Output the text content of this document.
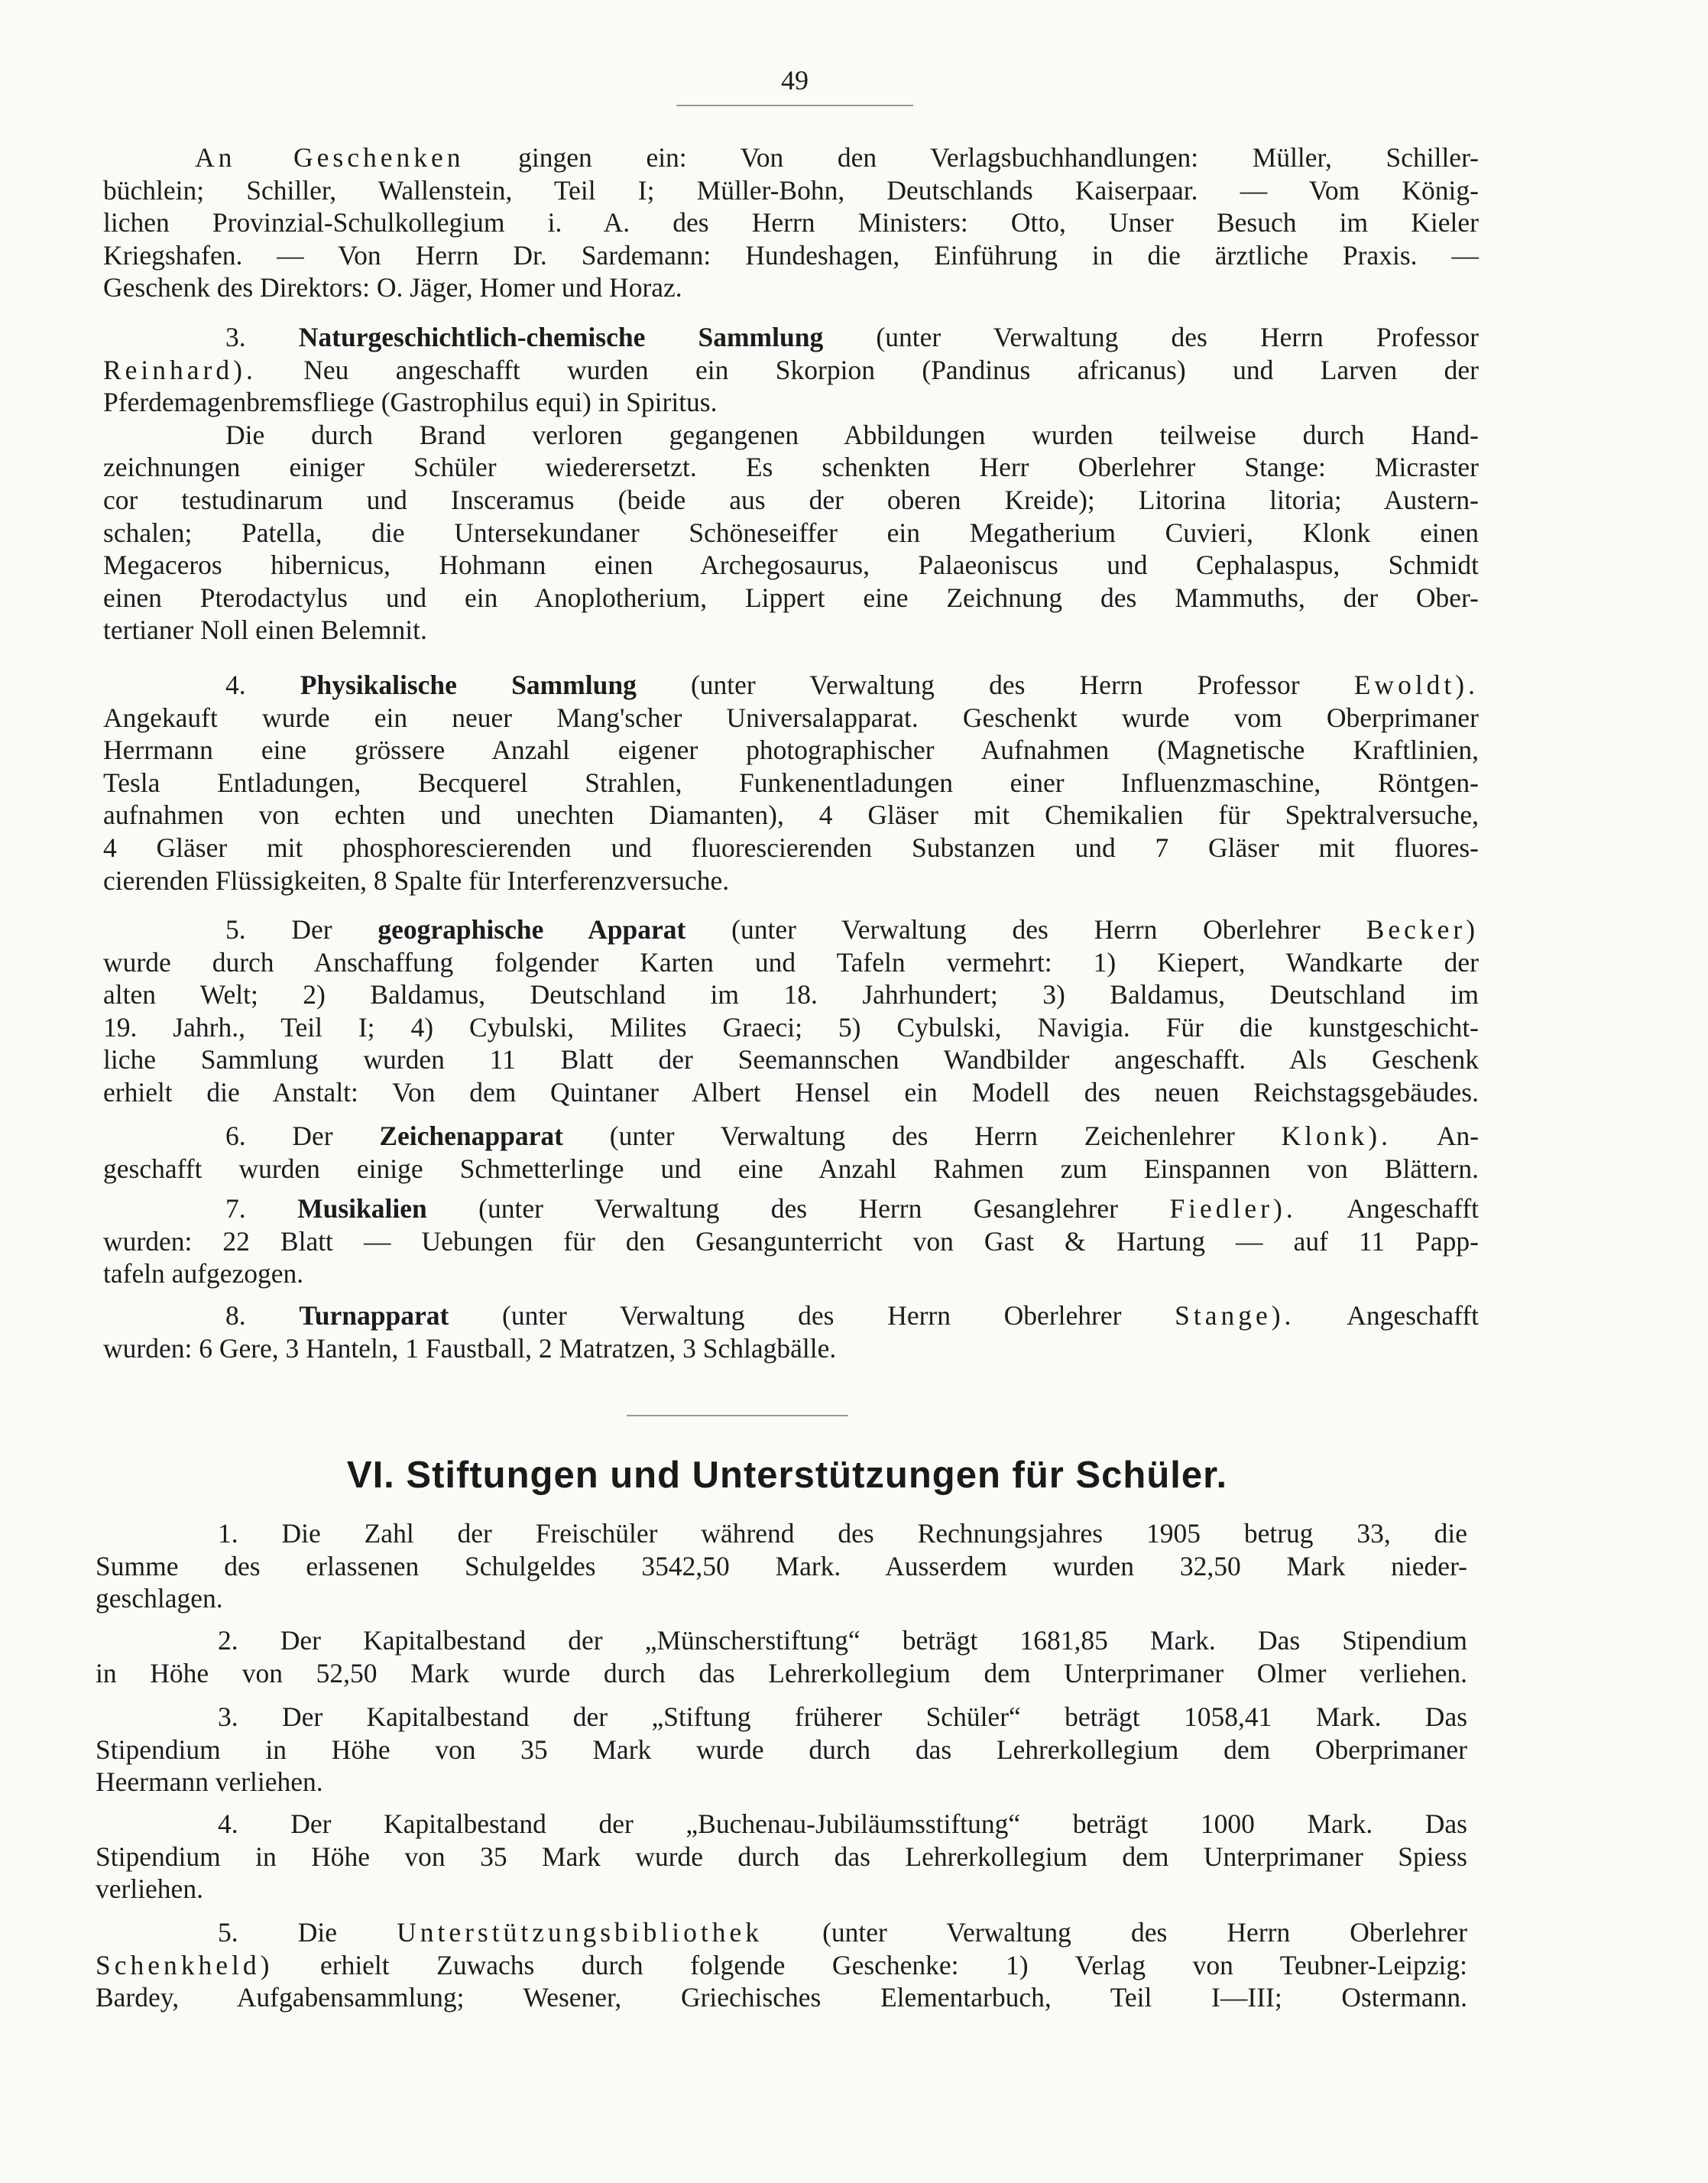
49
An Geschenken gingen ein: Von den Verlagsbuchhandlungen: Müller, Schiller-
büchlein; Schiller, Wallenstein, Teil I; Müller-Bohn, Deutschlands Kaiserpaar. — Vom König-
lichen Provinzial-Schulkollegium i. A. des Herrn Ministers: Otto, Unser Besuch im Kieler
Kriegshafen. — Von Herrn Dr. Sardemann: Hundeshagen, Einführung in die ärztliche Praxis. —
Geschenk des Direktors: O. Jäger, Homer und Horaz.
3. Naturgeschichtlich-chemische Sammlung (unter Verwaltung des Herrn Professor
Reinhard). Neu angeschafft wurden ein Skorpion (Pandinus africanus) und Larven der
Pferdemagenbremsfliege (Gastrophilus equi) in Spiritus.
Die durch Brand verloren gegangenen Abbildungen wurden teilweise durch Hand-
zeichnungen einiger Schüler wiederersetzt. Es schenkten Herr Oberlehrer Stange: Micraster
cor testudinarum und Insceramus (beide aus der oberen Kreide); Litorina litoria; Austern-
schalen; Patella, die Untersekundaner Schöneseiffer ein Megatherium Cuvieri, Klonk einen
Megaceros hibernicus, Hohmann einen Archegosaurus, Palaeoniscus und Cephalaspus, Schmidt
einen Pterodactylus und ein Anoplotherium, Lippert eine Zeichnung des Mammuths, der Ober-
tertianer Noll einen Belemnit.
4. Physikalische Sammlung (unter Verwaltung des Herrn Professor Ewoldt).
Angekauft wurde ein neuer Mang'scher Universalapparat. Geschenkt wurde vom Oberprimaner
Herrmann eine grössere Anzahl eigener photographischer Aufnahmen (Magnetische Kraftlinien,
Tesla Entladungen, Becquerel Strahlen, Funkenentladungen einer Influenzmaschine, Röntgen-
aufnahmen von echten und unechten Diamanten), 4 Gläser mit Chemikalien für Spektralversuche,
4 Gläser mit phosphorescierenden und fluorescierenden Substanzen und 7 Gläser mit fluores-
cierenden Flüssigkeiten, 8 Spalte für Interferenzversuche.
5. Der geographische Apparat (unter Verwaltung des Herrn Oberlehrer Becker)
wurde durch Anschaffung folgender Karten und Tafeln vermehrt: 1) Kiepert, Wandkarte der
alten Welt; 2) Baldamus, Deutschland im 18. Jahrhundert; 3) Baldamus, Deutschland im
19. Jahrh., Teil I; 4) Cybulski, Milites Graeci; 5) Cybulski, Navigia. Für die kunstgeschicht-
liche Sammlung wurden 11 Blatt der Seemannschen Wandbilder angeschafft. Als Geschenk
erhielt die Anstalt: Von dem Quintaner Albert Hensel ein Modell des neuen Reichstagsgebäudes.
6. Der Zeichenapparat (unter Verwaltung des Herrn Zeichenlehrer Klonk). An-
geschafft wurden einige Schmetterlinge und eine Anzahl Rahmen zum Einspannen von Blättern.
7. Musikalien (unter Verwaltung des Herrn Gesanglehrer Fiedler). Angeschafft
wurden: 22 Blatt — Uebungen für den Gesangunterricht von Gast & Hartung — auf 11 Papp-
tafeln aufgezogen.
8. Turnapparat (unter Verwaltung des Herrn Oberlehrer Stange). Angeschafft
wurden: 6 Gere, 3 Hanteln, 1 Faustball, 2 Matratzen, 3 Schlagbälle.
VI. Stiftungen und Unterstützungen für Schüler.
1. Die Zahl der Freischüler während des Rechnungsjahres 1905 betrug 33, die
Summe des erlassenen Schulgeldes 3542,50 Mark. Ausserdem wurden 32,50 Mark nieder-
geschlagen.
2. Der Kapitalbestand der „Münscherstiftung“ beträgt 1681,85 Mark. Das Stipendium
in Höhe von 52,50 Mark wurde durch das Lehrerkollegium dem Unterprimaner Olmer verliehen.
3. Der Kapitalbestand der „Stiftung früherer Schüler“ beträgt 1058,41 Mark. Das
Stipendium in Höhe von 35 Mark wurde durch das Lehrerkollegium dem Oberprimaner
Heermann verliehen.
4. Der Kapitalbestand der „Buchenau-Jubiläumsstiftung“ beträgt 1000 Mark. Das
Stipendium in Höhe von 35 Mark wurde durch das Lehrerkollegium dem Unterprimaner Spiess
verliehen.
5. Die Unterstützungsbibliothek (unter Verwaltung des Herrn Oberlehrer
Schenkheld) erhielt Zuwachs durch folgende Geschenke: 1) Verlag von Teubner-Leipzig:
Bardey, Aufgabensammlung; Wesener, Griechisches Elementarbuch, Teil I—III; Ostermann.
